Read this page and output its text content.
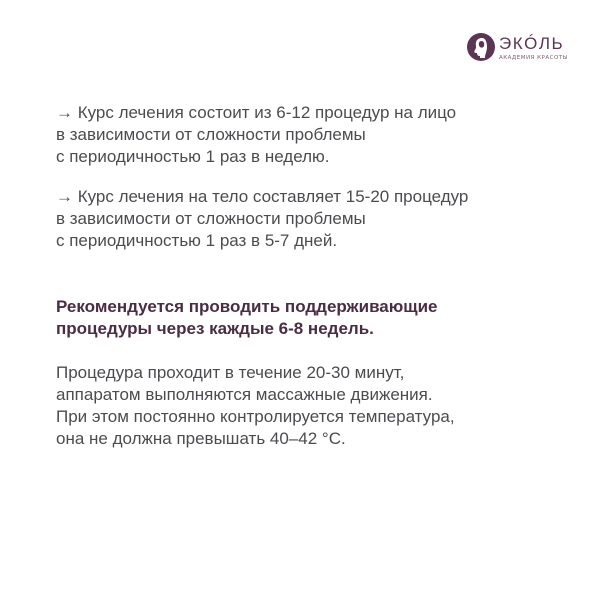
ЭКÓЛЬ
АКАДЕМИЯ КРАСОТЫ
→ Курс лечения состоит из 6-12 процедур на лицо
в зависимости от сложности проблемы
с периодичностью 1 раз в неделю.
→ Курс лечения на тело составляет 15-20 процедур
в зависимости от сложности проблемы
с периодичностью 1 раз в 5-7 дней.
Рекомендуется проводить поддерживающие
процедуры через каждые 6-8 недель.
Процедура проходит в течение 20-30 минут,
аппаратом выполняются массажные движения.
При этом постоянно контролируется температура,
она не должна превышать 40–42 °C.
